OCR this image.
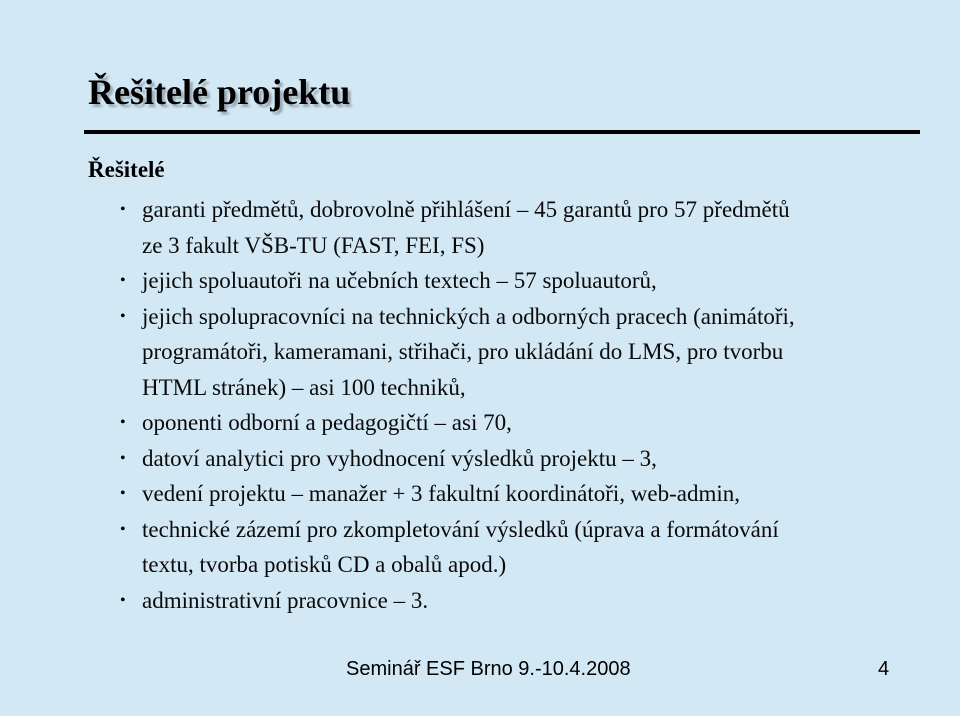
Řešitelé projektu
Řešitelé
• garanti předmětů, dobrovolně přihlášení – 45 garantů pro 57 předmětů
ze 3 fakult VŠB-TU (FAST, FEI, FS)
• jejich spoluautoři na učebních textech – 57 spoluautorů,
• jejich spolupracovníci na technických a odborných pracech (animátoři,
programátoři, kameramani, střihači, pro ukládání do LMS, pro tvorbu
HTML stránek) – asi 100 techniků,
• oponenti odborní a pedagogičtí – asi 70,
• datoví analytici pro vyhodnocení výsledků projektu – 3,
• vedení projektu – manažer + 3 fakultní koordinátoři, web-admin,
• technické zázemí pro zkompletování výsledků (úprava a formátování
textu, tvorba potisků CD a obalů apod.)
• administrativní pracovnice – 3.
Seminář ESF Brno 9.-10.4.2008	4
